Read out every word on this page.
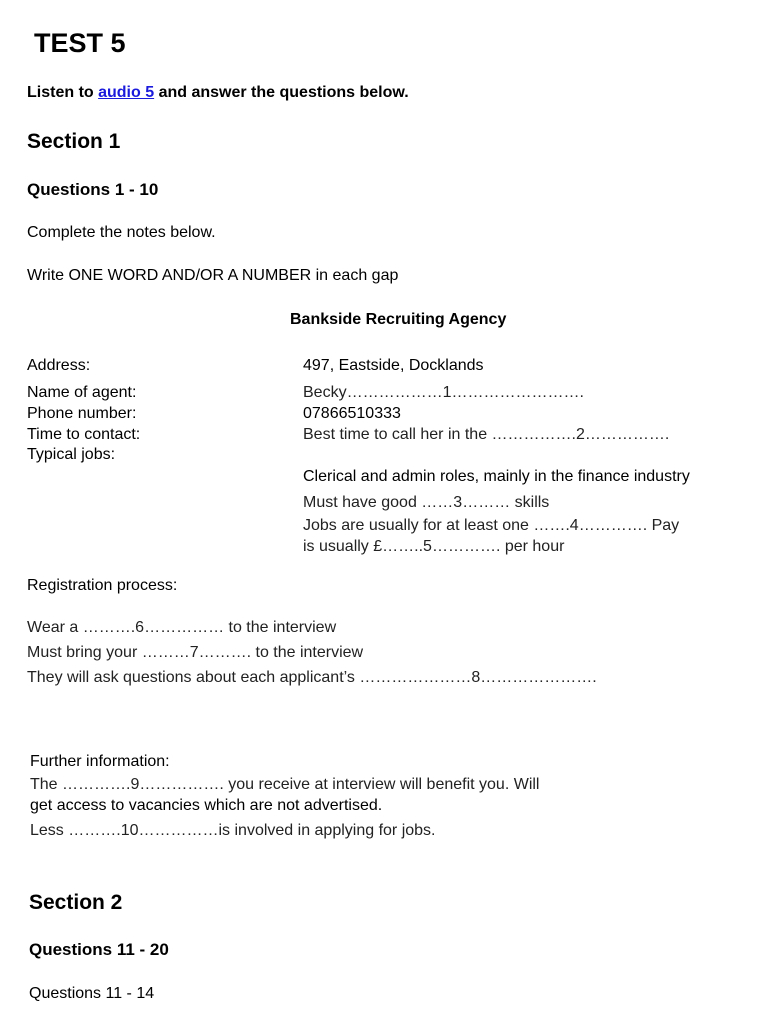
TEST 5
Listen to audio 5 and answer the questions below.
Section 1
Questions 1 - 10
Complete the notes below.
Write ONE WORD AND/OR A NUMBER in each gap
Bankside Recruiting Agency
Address:	497, Eastside, Docklands
Name of agent:	Becky………………1…………………….
Phone number:	07866510333
Time to contact:	Best time to call her in the …………….2…………….
Typical jobs:
Clerical and admin roles, mainly in the finance industry
Must have good ……3……… skills
Jobs are usually for at least one …….4…………. Pay
is usually £……..5…………. per hour
Registration process:
Wear a ……….6…………… to the interview
Must bring your ………7………. to the interview
They will ask questions about each applicant’s …………………8………………….
Further information:
The ………….9……………. you receive at interview will benefit you. Will
get access to vacancies which are not advertised.
Less ……….10……………is involved in applying for jobs.
Section 2
Questions 11 - 20
Questions 11 - 14
